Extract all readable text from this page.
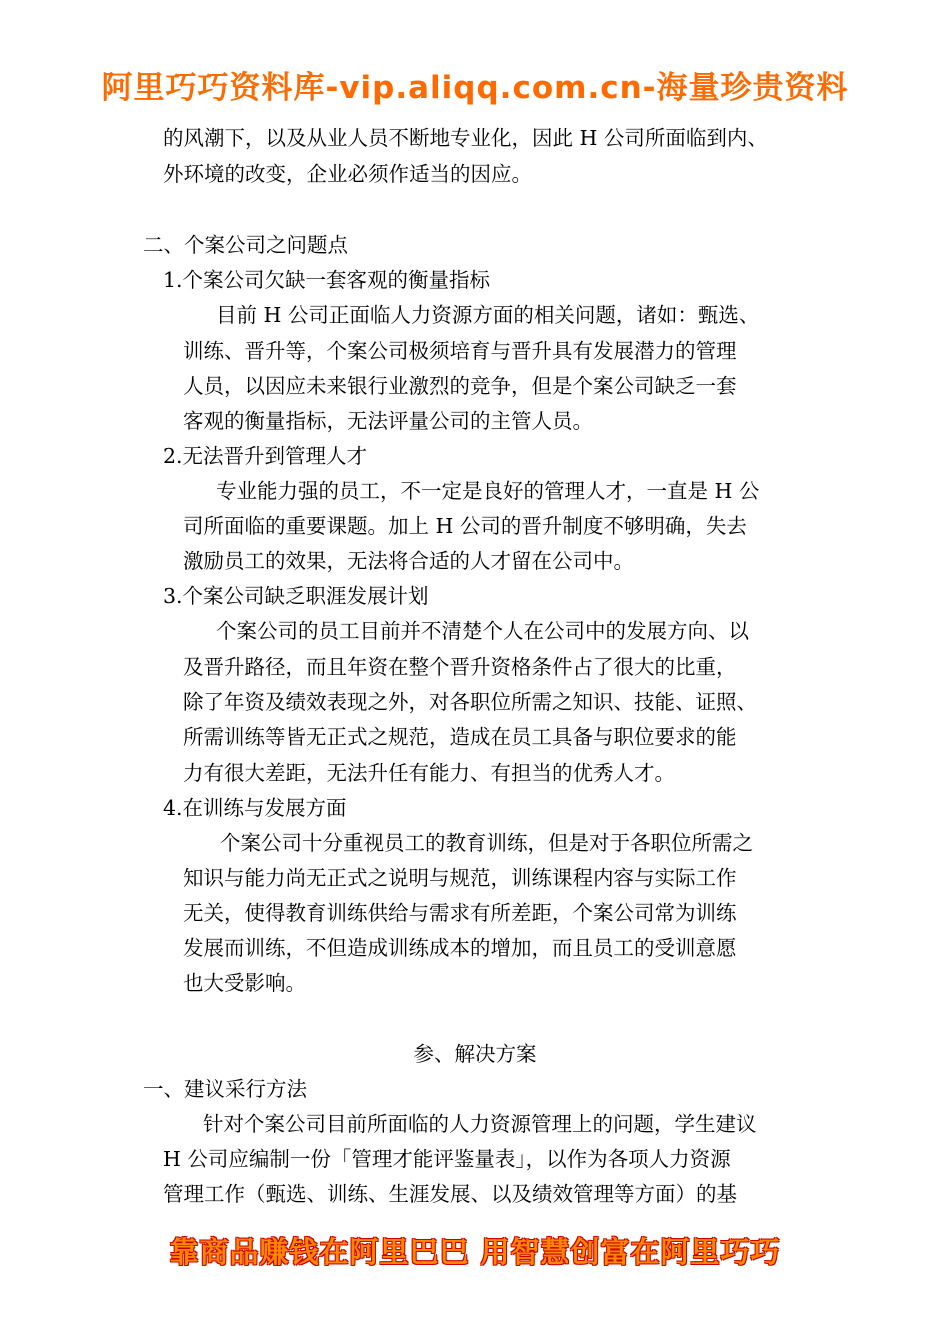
阿里巧巧资料库-vip.aliqq.com.cn-海量珍贵资料
的风潮下，以及从业人员不断地专业化，因此 H 公司所面临到内、
外环境的改变，企业必须作适当的因应。
二、个案公司之问题点
1.个案公司欠缺一套客观的衡量指标
目前 H 公司正面临人力资源方面的相关问题，诸如：甄选、
训练、晋升等，个案公司极须培育与晋升具有发展潜力的管理
人员，以因应未来银行业激烈的竞争，但是个案公司缺乏一套
客观的衡量指标，无法评量公司的主管人员。
2.无法晋升到管理人才
专业能力强的员工，不一定是良好的管理人才，一直是 H 公
司所面临的重要课题。加上 H 公司的晋升制度不够明确，失去
激励员工的效果，无法将合适的人才留在公司中。
3.个案公司缺乏职涯发展计划
个案公司的员工目前并不清楚个人在公司中的发展方向、以
及晋升路径，而且年资在整个晋升资格条件占了很大的比重，
除了年资及绩效表现之外，对各职位所需之知识、技能、证照、
所需训练等皆无正式之规范，造成在员工具备与职位要求的能
力有很大差距，无法升任有能力、有担当的优秀人才。
4.在训练与发展方面
个案公司十分重视员工的教育训练，但是对于各职位所需之
知识与能力尚无正式之说明与规范，训练课程内容与实际工作
无关，使得教育训练供给与需求有所差距，个案公司常为训练
发展而训练，不但造成训练成本的增加，而且员工的受训意愿
也大受影响。
参、解决方案
一、建议采行方法
针对个案公司目前所面临的人力资源管理上的问题，学生建议
H 公司应编制一份「管理才能评鉴量表」，以作为各项人力资源
管理工作（甄选、训练、生涯发展、以及绩效管理等方面）的基
靠商品赚钱在阿里巴巴 用智慧创富在阿里巧巧
